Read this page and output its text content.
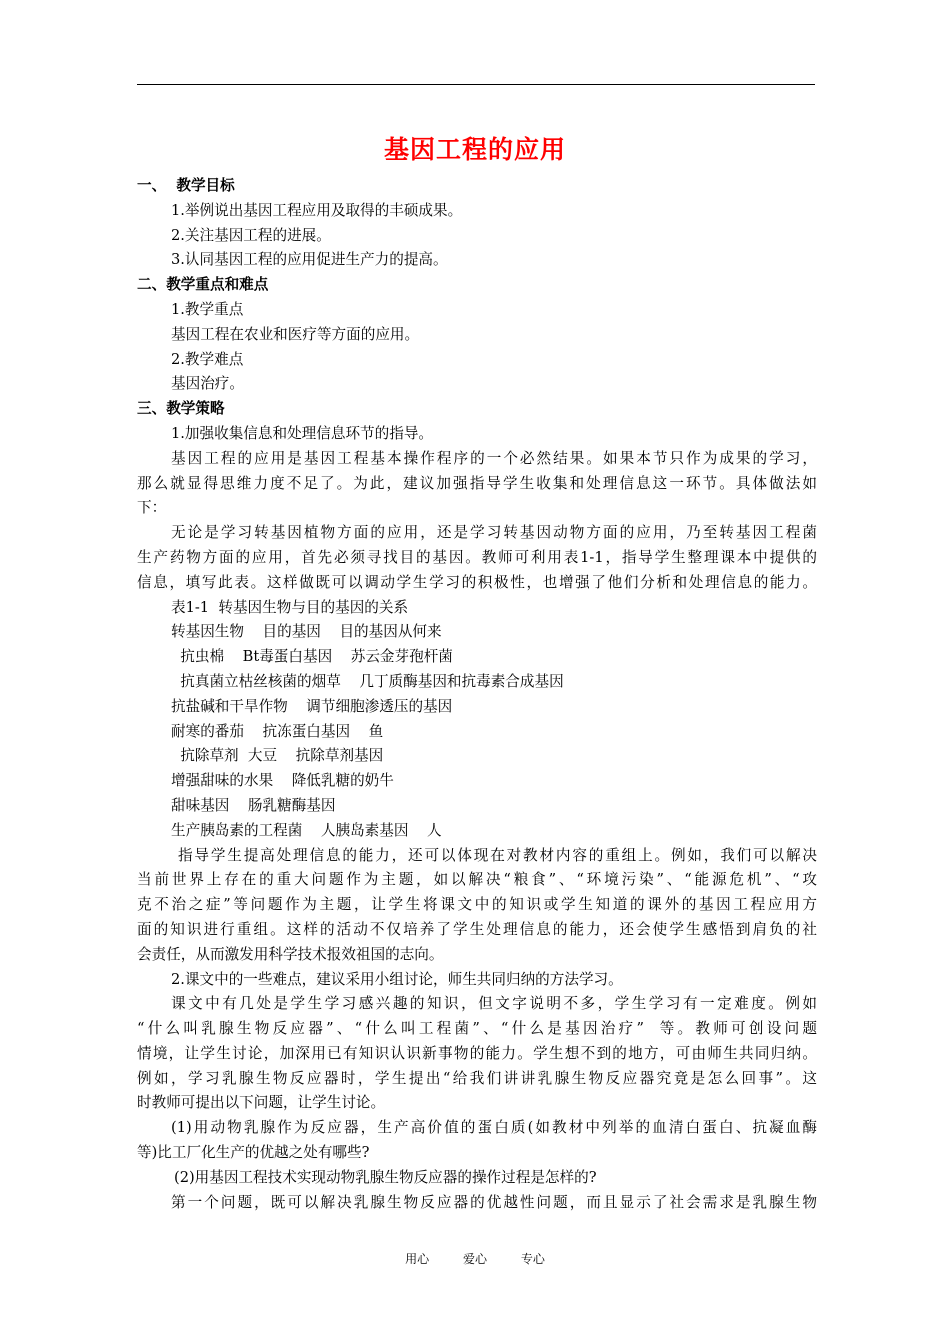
基因工程的应用
一、  教学目标
1.举例说出基因工程应用及取得的丰硕成果。
2.关注基因工程的进展。
3.认同基因工程的应用促进生产力的提高。
二、教学重点和难点
1.教学重点
基因工程在农业和医疗等方面的应用。
2.教学难点
基因治疗。
三、教学策略
1.加强收集信息和处理信息环节的指导。
基因工程的应用是基因工程基本操作程序的一个必然结果。如果本节只作为成果的学习，
那么就显得思维力度不足了。为此，建议加强指导学生收集和处理信息这一环节。具体做法如
下：
无论是学习转基因植物方面的应用，还是学习转基因动物方面的应用，乃至转基因工程菌
生产药物方面的应用，首先必须寻找目的基因。教师可利用表1-1，指导学生整理课本中提供的
信息，填写此表。这样做既可以调动学生学习的积极性，也增强了他们分析和处理信息的能力。
表1-1  转基因生物与目的基因的关系
转基因生物    目的基因    目的基因从何来
抗虫棉    Bt毒蛋白基因    苏云金芽孢杆菌
抗真菌立枯丝核菌的烟草    几丁质酶基因和抗毒素合成基因
抗盐碱和干旱作物    调节细胞渗透压的基因
耐寒的番茄    抗冻蛋白基因    鱼
抗除草剂  大豆    抗除草剂基因
增强甜味的水果    降低乳糖的奶牛
甜味基因    肠乳糖酶基因
生产胰岛素的工程菌    人胰岛素基因    人
指导学生提高处理信息的能力，还可以体现在对教材内容的重组上。例如，我们可以解决
当前世界上存在的重大问题作为主题，如以解决“粮食”、“环境污染”、“能源危机”、“攻
克不治之症”等问题作为主题，让学生将课文中的知识或学生知道的课外的基因工程应用方
面的知识进行重组。这样的活动不仅培养了学生处理信息的能力，还会使学生感悟到肩负的社
会责任，从而激发用科学技术报效祖国的志向。
2.课文中的一些难点，建议采用小组讨论，师生共同归纳的方法学习。
课文中有几处是学生学习感兴趣的知识，但文字说明不多，学生学习有一定难度。例如
“什么叫乳腺生物反应器”、“什么叫工程菌”、“什么是基因治疗”  等。教师可创设问题
情境，让学生讨论，加深用已有知识认识新事物的能力。学生想不到的地方，可由师生共同归纳。
例如，学习乳腺生物反应器时，学生提出“给我们讲讲乳腺生物反应器究竟是怎么回事”。这
时教师可提出以下问题，让学生讨论。
(1)用动物乳腺作为反应器，生产高价值的蛋白质(如教材中列举的血清白蛋白、抗凝血酶
等)比工厂化生产的优越之处有哪些?
(2)用基因工程技术实现动物乳腺生物反应器的操作过程是怎样的?
第一个问题，既可以解决乳腺生物反应器的优越性问题，而且显示了社会需求是乳腺生物
用心	爱心	专心
